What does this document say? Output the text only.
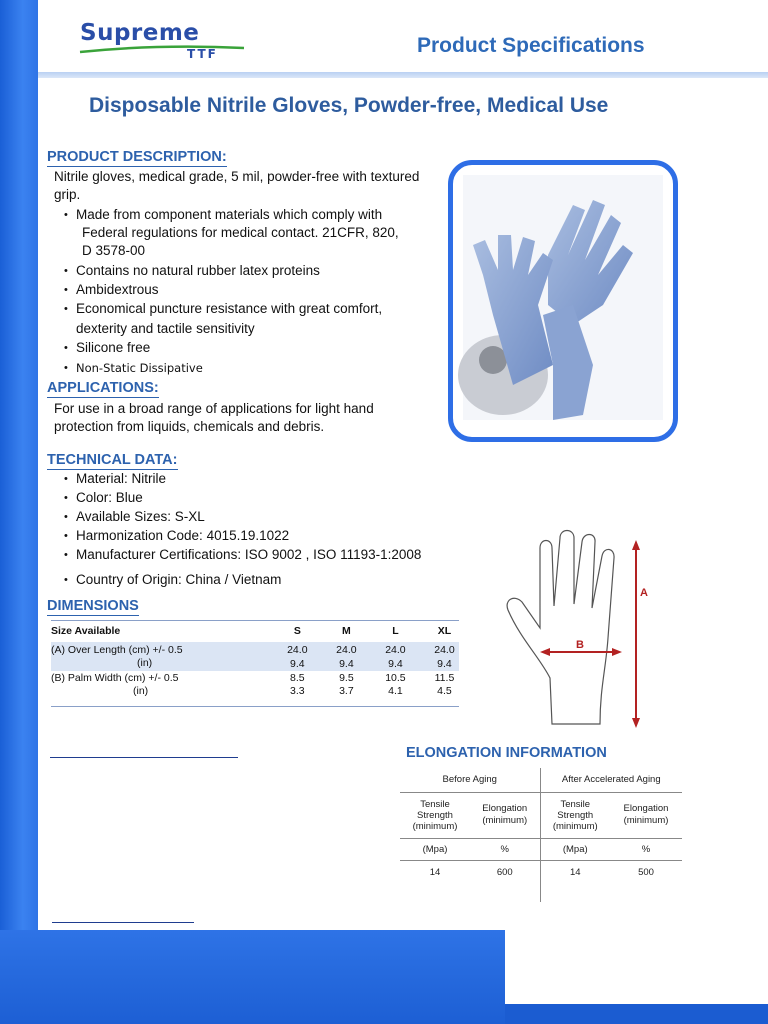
Supreme
TTF	Product Specifications
Disposable Nitrile Gloves, Powder-free, Medical Use
PRODUCT DESCRIPTION:
Nitrile gloves, medical grade, 5 mil, powder-free with textured
grip.
• Made from component materials which comply with
Federal regulations for medical contact. 21CFR, 820,
D 3578-00
• Contains no natural rubber latex proteins
• Ambidextrous
• Economical puncture resistance with great comfort,
dexterity and tactile sensitivity
• Silicone free
• Non-Static Dissipative
APPLICATIONS:
For use in a broad range of applications for light hand
protection from liquids, chemicals and debris.
TECHNICAL DATA:
• Material: Nitrile
• Color: Blue
• Available Sizes: S-XL
• Harmonization Code: 4015.19.1022
• Manufacturer Certifications: ISO 9002 , ISO 11193-1:2008
• Country of Origin: China / Vietnam
DIMENSIONS
Size Available	S	M	L	XL
(A) Over Length (cm) +/- 0.5	24.0	24.0	24.0	24.0
(in)	9.4	9.4	9.4	9.4
(B) Palm Width (cm) +/- 0.5	8.5	9.5	10.5	11.5
(in)	3.3	3.7	4.1	4.5
A
B
ELONGATION INFORMATION
Before Aging		After Accelerated Aging	
Tensile
Strength
(minimum)	Elongation
(minimum)	Tensile
Strength
(minimum)	Elongation
(minimum)
(Mpa)	%	(Mpa)	%
14	600	14	500
